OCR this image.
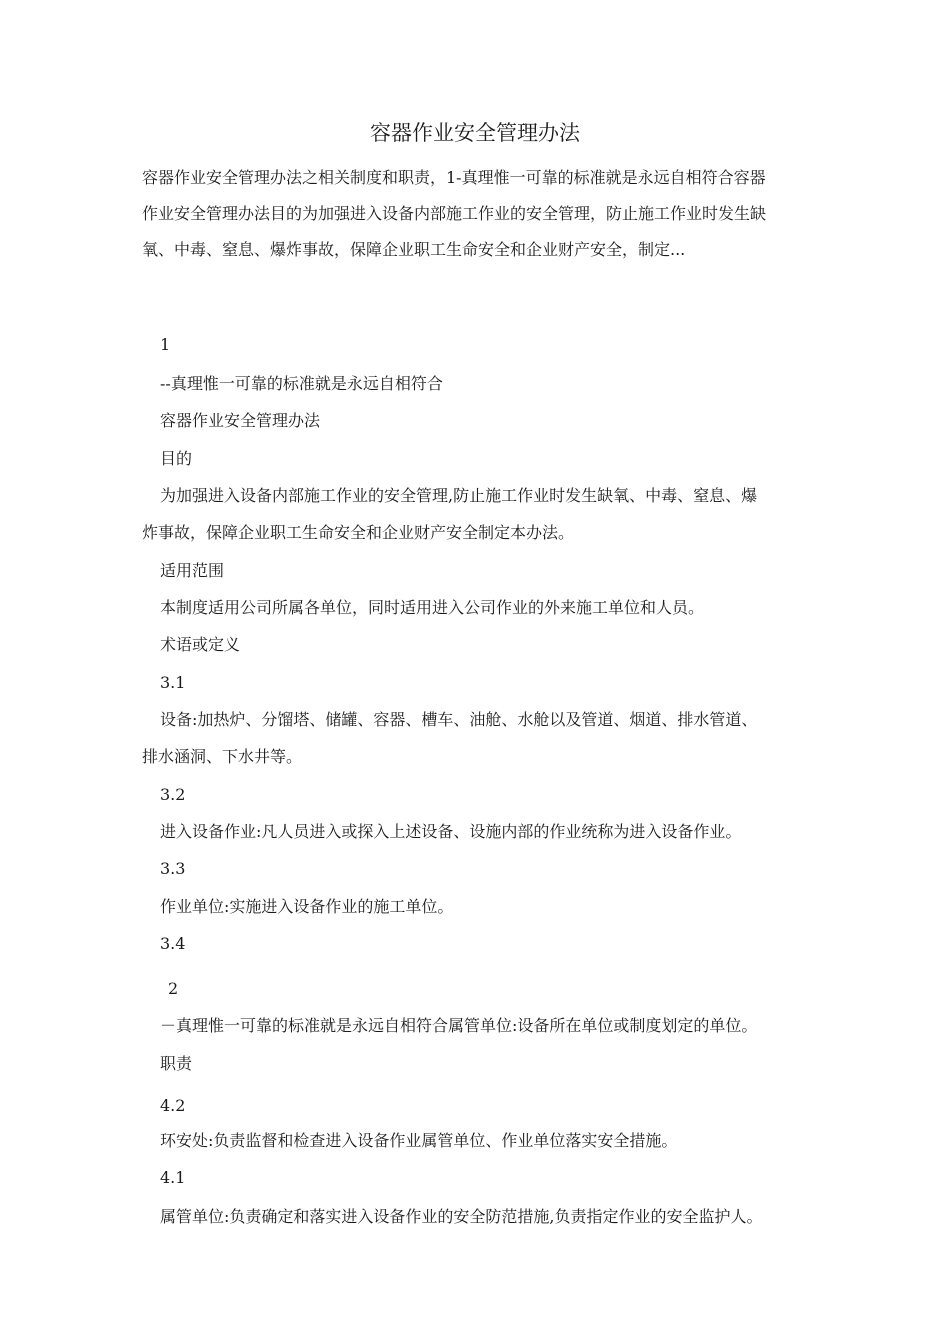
容器作业安全管理办法
容器作业安全管理办法之相关制度和职责，1-真理惟一可靠的标准就是永远自相符合容器
作业安全管理办法目的为加强进入设备内部施工作业的安全管理，防止施工作业时发生缺
氧、中毒、窒息、爆炸事故，保障企业职工生命安全和企业财产安全，制定...
1
--真理惟一可靠的标准就是永远自相符合
容器作业安全管理办法
目的
为加强进入设备内部施工作业的安全管理,防止施工作业时发生缺氧、中毒、窒息、爆
炸事故，保障企业职工生命安全和企业财产安全制定本办法。
适用范围
本制度适用公司所属各单位，同时适用进入公司作业的外来施工单位和人员。
术语或定义
3.1
设备:加热炉、分馏塔、储罐、容器、槽车、油舱、水舱以及管道、烟道、排水管道、
排水涵洞、下水井等。
3.2
进入设备作业:凡人员进入或探入上述设备、设施内部的作业统称为进入设备作业。
3.3
作业单位:实施进入设备作业的施工单位。
3.4
2
－真理惟一可靠的标准就是永远自相符合属管单位:设备所在单位或制度划定的单位。
职责
4.2
环安处:负责监督和检查进入设备作业属管单位、作业单位落实安全措施。
4.1
属管单位:负责确定和落实进入设备作业的安全防范措施,负责指定作业的安全监护人。
